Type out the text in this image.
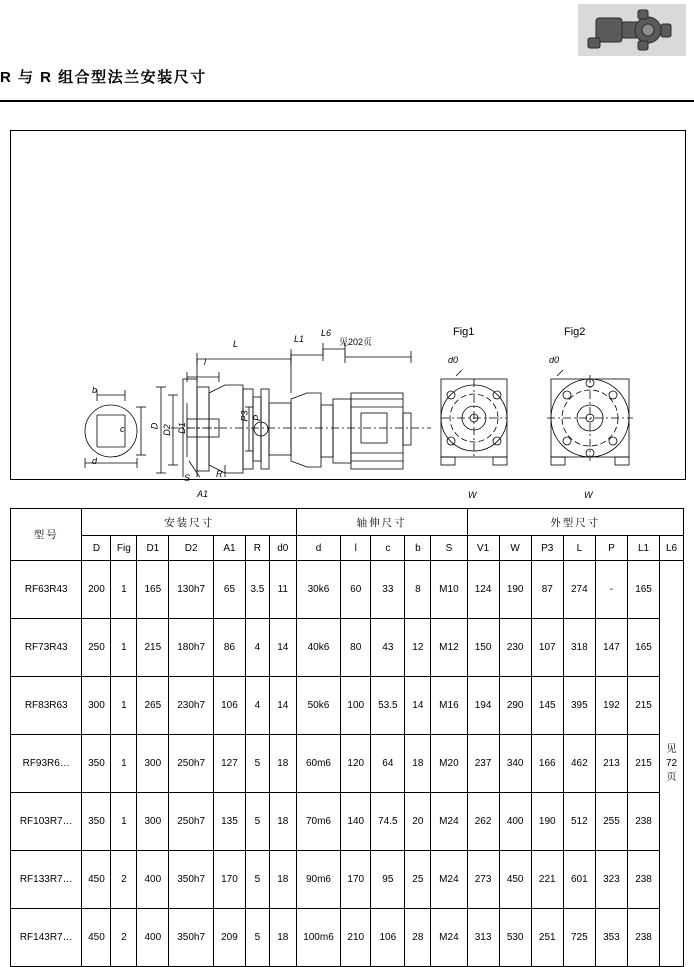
R 与 R 组合型法兰安装尺寸
L	L1
L6
见202页
l
b
c
d
D D2 D1
P3 P
S	R
A1
d0	d0
W	W
Fig1	Fig2
型号	安装尺寸							轴伸尺寸					外型尺寸						
	D	Fig	D1	D2	A1	R	d0	d	l	c	b	S	V1	W	P3	L	P	L1	L6
RF63R43	200	1	165	130h7	65	3.5	11	30k6	60	33	8	M10	124	190	87	274	-	165	见 72 页
RF73R43	250	1	215	180h7	86	4	14	40k6	80	43	12	M12	150	230	107	318	147	165	
RF83R63	300	1	265	230h7	106	4	14	50k6	100	53.5	14	M16	194	290	145	395	192	215	
RF93R6…	350	1	300	250h7	127	5	18	60m6	120	64	18	M20	237	340	166	462	213	215	
RF103R7…	350	1	300	250h7	135	5	18	70m6	140	74.5	20	M24	262	400	190	512	255	238	
RF133R7…	450	2	400	350h7	170	5	18	90m6	170	95	25	M24	273	450	221	601	323	238	
RF143R7…	450	2	400	350h7	209	5	18	100m6	210	106	28	M24	313	530	251	725	353	238	
